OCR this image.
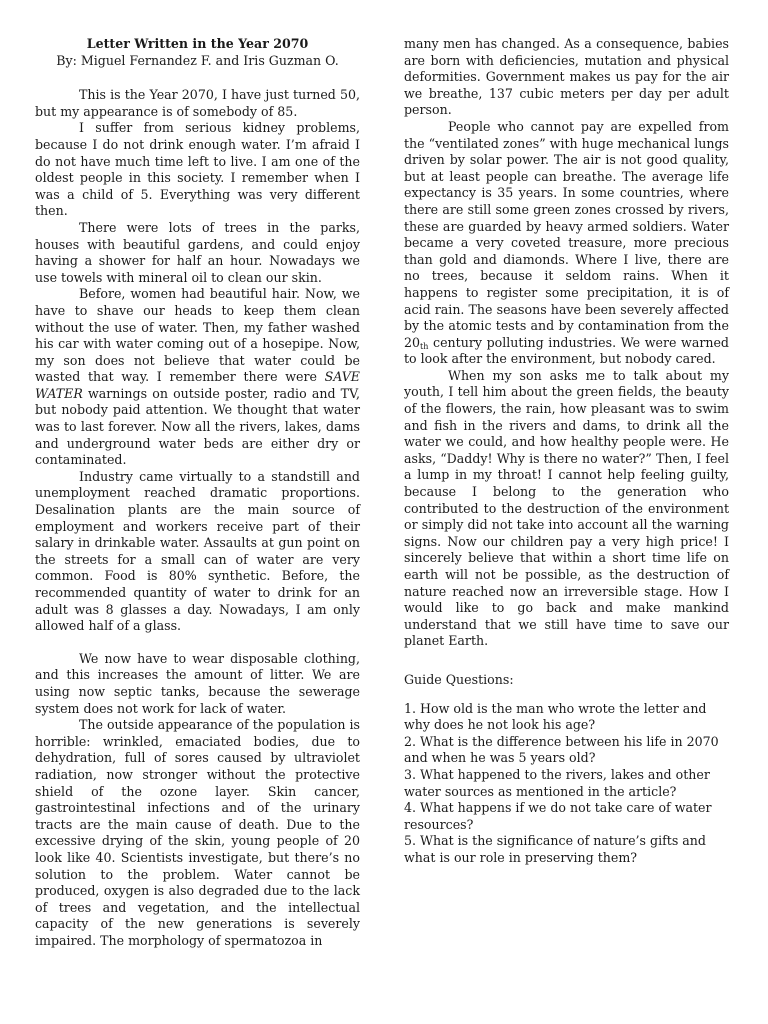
Letter Written in the Year 2070
By: Miguel Fernandez F. and Iris Guzman O.

This is the Year 2070, I have just turned 50, but my appearance is of somebody of 85.

I suffer from serious kidney problems, because I do not drink enough water. I’m afraid I do not have much time left to live. I am one of the oldest people in this society. I remember when I was a child of 5. Everything was very different then.

There were lots of trees in the parks, houses with beautiful gardens, and could enjoy having a shower for half an hour. Nowadays we use towels with mineral oil to clean our skin.

Before, women had beautiful hair. Now, we have to shave our heads to keep them clean without the use of water. Then, my father washed his car with water coming out of a hosepipe. Now, my son does not believe that water could be wasted that way. I remember there were SAVE WATER warnings on outside poster, radio and TV, but nobody paid attention. We thought that water was to last forever. Now all the rivers, lakes, dams and underground water beds are either dry or contaminated.

Industry came virtually to a standstill and unemployment reached dramatic proportions. Desalination plants are the main source of employment and workers receive part of their salary in drinkable water. Assaults at gun point on the streets for a small can of water are very common. Food is 80% synthetic. Before, the recommended quantity of water to drink for an adult was 8 glasses a day. Nowadays, I am only allowed half of a glass.

We now have to wear disposable clothing, and this increases the amount of litter. We are using now septic tanks, because the sewerage system does not work for lack of water.

The outside appearance of the population is horrible: wrinkled, emaciated bodies, due to dehydration, full of sores caused by ultraviolet radiation, now stronger without the protective shield of the ozone layer. Skin cancer, gastrointestinal infections and of the urinary tracts are the main cause of death. Due to the excessive drying of the skin, young people of 20 look like 40. Scientists investigate, but there’s no solution to the problem. Water cannot be produced, oxygen is also degraded due to the lack of trees and vegetation, and the intellectual capacity of the new generations is severely impaired. The morphology of spermatozoa in

many men has changed. As a consequence, babies are born with deficiencies, mutation and physical deformities. Government makes us pay for the air we breathe, 137 cubic meters per day per adult person.

People who cannot pay are expelled from the “ventilated zones” with huge mechanical lungs driven by solar power. The air is not good quality, but at least people can breathe. The average life expectancy is 35 years. In some countries, where there are still some green zones crossed by rivers, these are guarded by heavy armed soldiers. Water became a very coveted treasure, more precious than gold and diamonds. Where I live, there are no trees, because it seldom rains. When it happens to register some precipitation, it is of acid rain. The seasons have been severely affected by the atomic tests and by contamination from the $20_{th}$ century polluting industries. We were warned to look after the environment, but nobody cared.

When my son asks me to talk about my youth, I tell him about the green fields, the beauty of the flowers, the rain, how pleasant was to swim and fish in the rivers and dams, to drink all the water we could, and how healthy people were. He asks, “Daddy! Why is there no water?” Then, I feel a lump in my throat! I cannot help feeling guilty, because I belong to the generation who contributed to the destruction of the environment or simply did not take into account all the warning signs. Now our children pay a very high price! I sincerely believe that within a short time life on earth will not be possible, as the destruction of nature reached now an irreversible stage. How I would like to go back and make mankind understand that we still have time to save our planet Earth.

Guide Questions:
1. How old is the man who wrote the letter and why does he not look his age?
2. What is the difference between his life in 2070 and when he was 5 years old?
3. What happened to the rivers, lakes and other water sources as mentioned in the article?
4. What happens if we do not take care of water resources?
5. What is the significance of nature’s gifts and what is our role in preserving them?
